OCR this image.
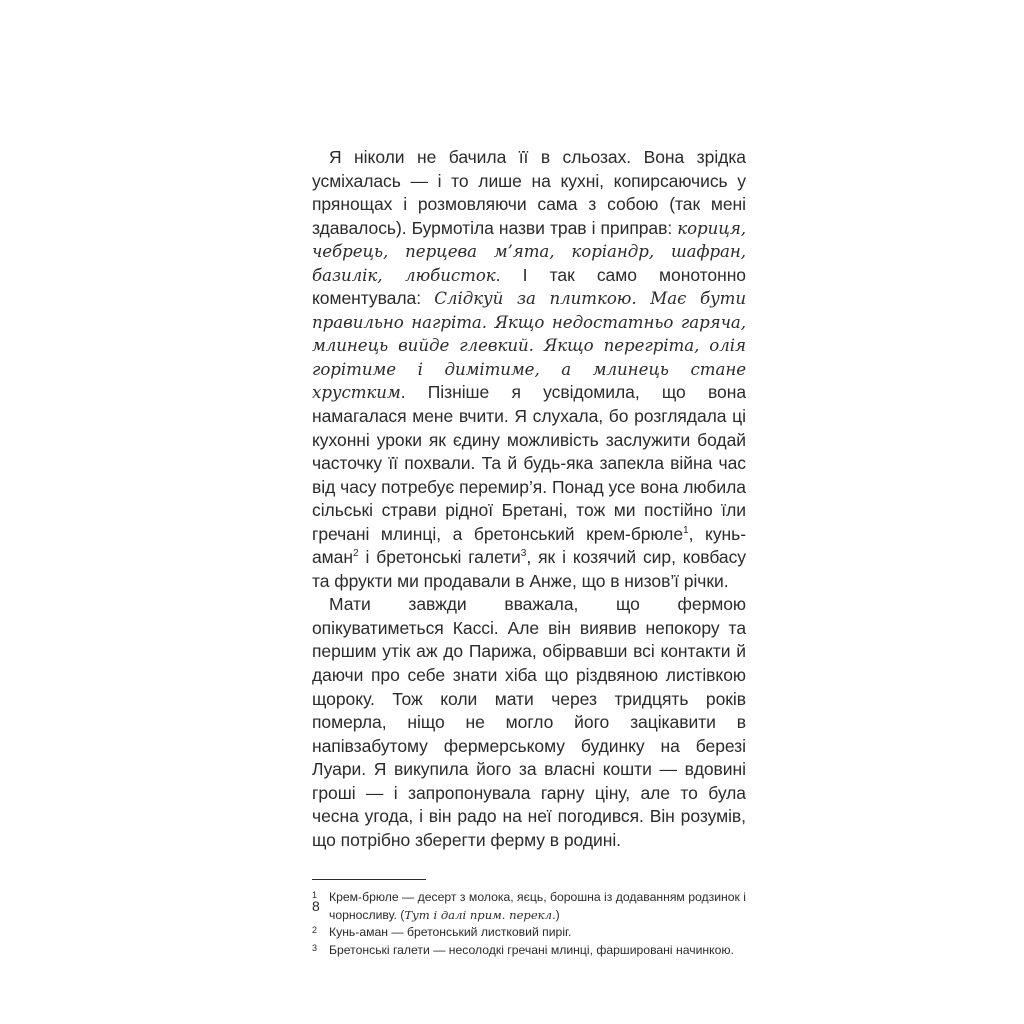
Я ніколи не бачила її в сльозах. Вона зрідка усміхалась — і то лише на кухні, копирсаючись у прянощах і розмовляючи сама з собою (так мені здавалось). Бурмотіла назви трав і приправ: кориця, чебрець, перцева м’ята, коріандр, шафран, базилік, любисток. І так само монотонно коментувала: Слідкуй за плиткою. Має бути правильно нагріта. Якщо недостатньо гаряча, млинець вийде глевкий. Якщо перегріта, олія горітиме і димітиме, а млинець стане хрустким. Пізніше я усвідомила, що вона намагалася мене вчити. Я слухала, бо розглядала ці кухонні уроки як єдину можливість заслужити бодай часточку її похвали. Та й будь-яка запекла війна час від часу потребує перемир’я. Понад усе вона любила сільські страви рідної Бретані, тож ми постійно їли гречані млинці, а бретонський крем-брюле$^1$, кунь-аман$^2$ і бретонські галети$^3$, як і козячий сир, ковбасу та фрукти ми продавали в Анже, що в низов’ї річки.

Мати завжди вважала, що фермою опікуватиметься Кассі. Але він виявив непокору та першим утік аж до Парижа, обірвавши всі контакти й даючи про себе знати хіба що різдвяною листівкою щороку. Тож коли мати через тридцять років померла, ніщо не могло його зацікавити в напівзабутому фермерському будинку на березі Луари. Я викупила його за власні кошти — вдовині гроші — і запропонувала гарну ціну, але то була чесна угода, і він радо на неї погодився. Він розумів, що потрібно зберегти ферму в родині.

1 Крем-брюле — десерт з молока, яєць, борошна із додаванням родзинок і чорносливу. (Тут і далі прим. перекл.)
2 Кунь-аман — бретонський листковий пиріг.
3 Бретонські галети — несолодкі гречані млинці, фаршировані начинкою.
8
